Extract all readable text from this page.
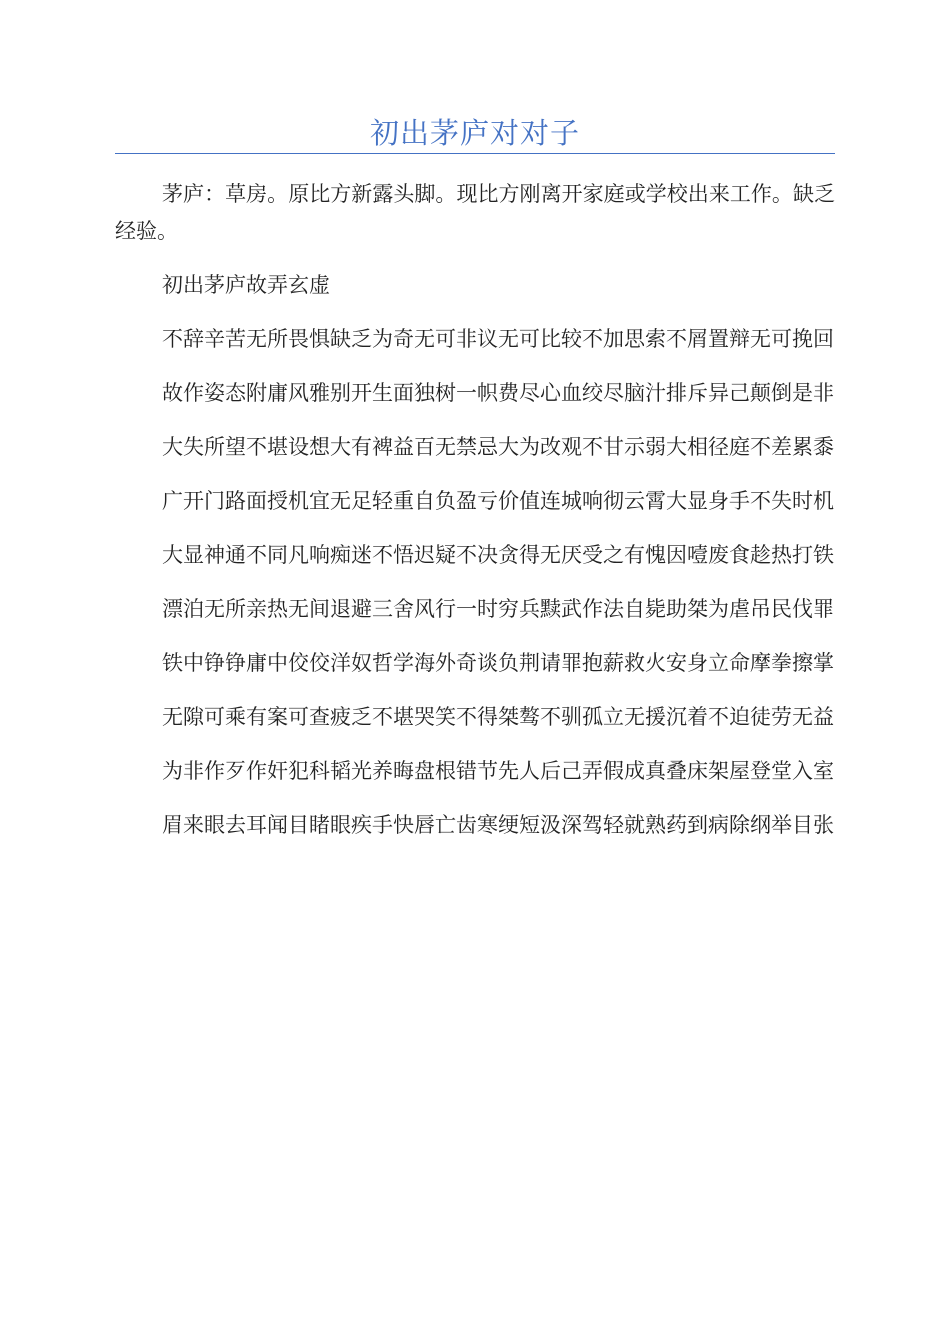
初出茅庐对对子

茅庐：草房。原比方新露头脚。现比方刚离开家庭或学校出来工作。缺乏经验。

初出茅庐故弄玄虚

不辞辛苦无所畏惧缺乏为奇无可非议无可比较不加思索不屑置辩无可挽回

故作姿态附庸风雅别开生面独树一帜费尽心血绞尽脑汁排斥异己颠倒是非

大失所望不堪设想大有裨益百无禁忌大为改观不甘示弱大相径庭不差累黍

广开门路面授机宜无足轻重自负盈亏价值连城响彻云霄大显身手不失时机

大显神通不同凡响痴迷不悟迟疑不决贪得无厌受之有愧因噎废食趁热打铁

漂泊无所亲热无间退避三舍风行一时穷兵黩武作法自毙助桀为虐吊民伐罪

铁中铮铮庸中佼佼洋奴哲学海外奇谈负荆请罪抱薪救火安身立命摩拳擦掌

无隙可乘有案可查疲乏不堪哭笑不得桀骜不驯孤立无援沉着不迫徒劳无益

为非作歹作奸犯科韬光养晦盘根错节先人后己弄假成真叠床架屋登堂入室

眉来眼去耳闻目睹眼疾手快唇亡齿寒绠短汲深驾轻就熟药到病除纲举目张
